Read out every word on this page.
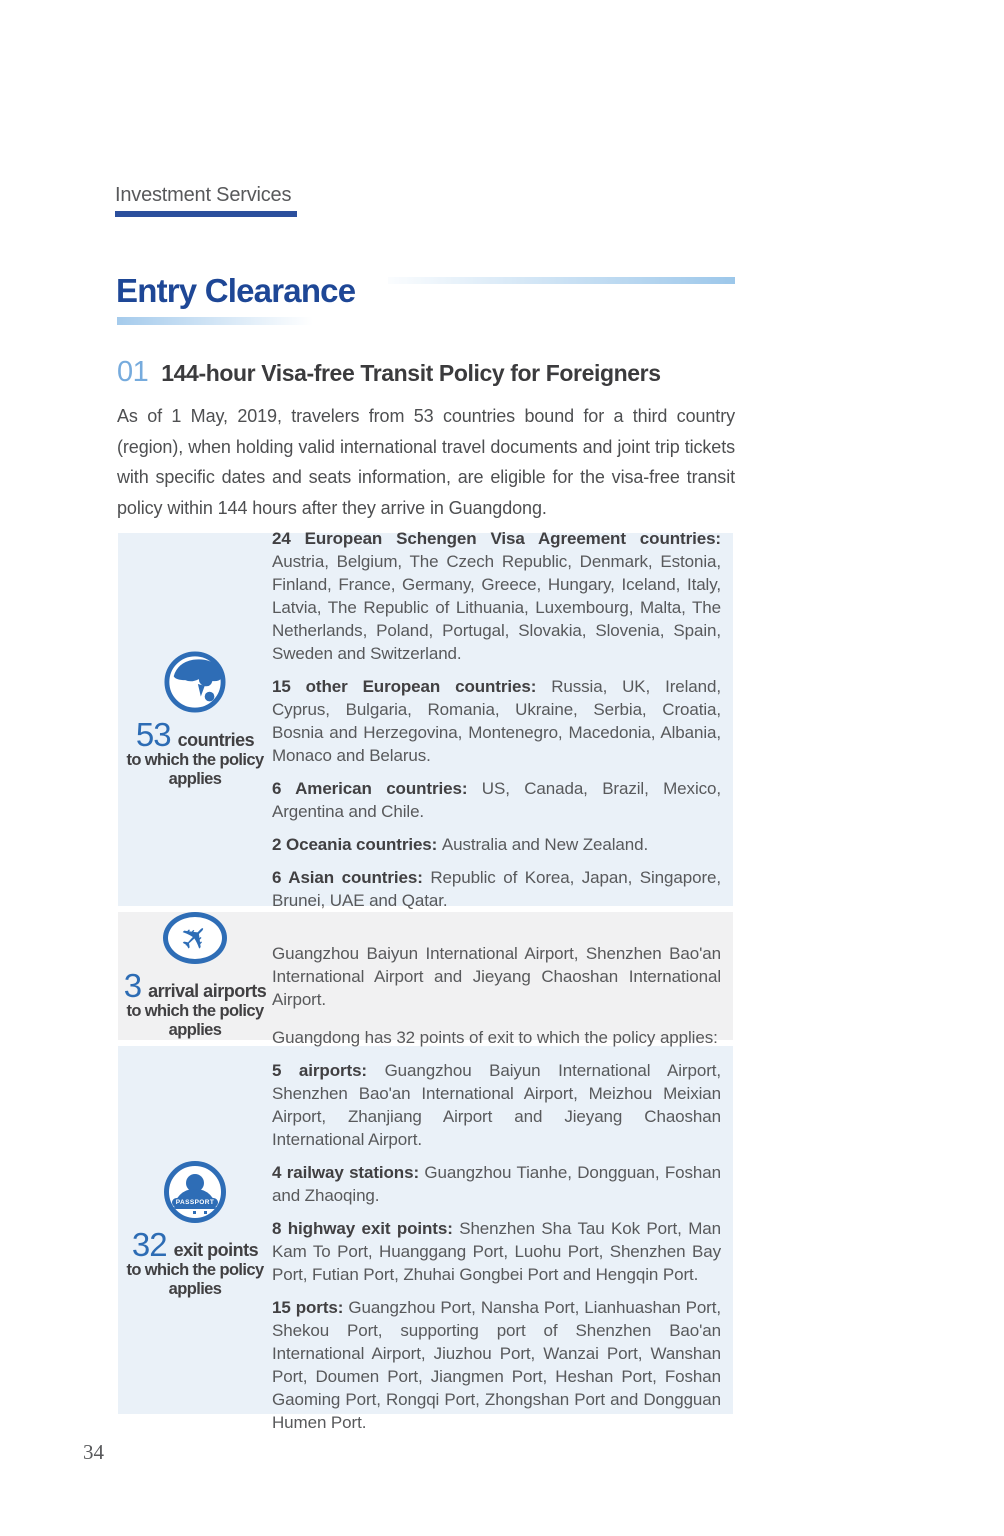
Investment Services
Entry Clearance
01 144-hour Visa-free Transit Policy for Foreigners

As of 1 May, 2019, travelers from 53 countries bound for a third country (region), when holding valid international travel documents and joint trip tickets with specific dates and seats information, are eligible for the visa-free transit policy within 144 hours after they arrive in Guangdong.

53 countries
to which the policy applies

24 European Schengen Visa Agreement countries: Austria, Belgium, The Czech Republic, Denmark, Estonia, Finland, France, Germany, Greece, Hungary, Iceland, Italy, Latvia, The Republic of Lithuania, Luxembourg, Malta, The Netherlands, Poland, Portugal, Slovakia, Slovenia, Spain, Sweden and Switzerland.

15 other European countries: Russia, UK, Ireland, Cyprus, Bulgaria, Romania, Ukraine, Serbia, Croatia, Bosnia and Herzegovina, Montenegro, Macedonia, Albania, Monaco and Belarus.

6 American countries: US, Canada, Brazil, Mexico, Argentina and Chile.

2 Oceania countries: Australia and New Zealand.

6 Asian countries: Republic of Korea, Japan, Singapore, Brunei, UAE and Qatar.

✈
3 arrival airports
to which the policy applies

Guangzhou Baiyun International Airport, Shenzhen Bao'an International Airport and Jieyang Chaoshan International Airport.

PASSPORT
32 exit points
to which the policy applies

Guangdong has 32 points of exit to which the policy applies:

5 airports: Guangzhou Baiyun International Airport, Shenzhen Bao'an International Airport, Meizhou Meixian Airport, Zhanjiang Airport and Jieyang Chaoshan International Airport.

4 railway stations: Guangzhou Tianhe, Dongguan, Foshan and Zhaoqing.

8 highway exit points: Shenzhen Sha Tau Kok Port, Man Kam To Port, Huanggang Port, Luohu Port, Shenzhen Bay Port, Futian Port, Zhuhai Gongbei Port and Hengqin Port.

15 ports: Guangzhou Port, Nansha Port, Lianhuashan Port, Shekou Port, supporting port of Shenzhen Bao'an International Airport, Jiuzhou Port, Wanzai Port, Wanshan Port, Doumen Port, Jiangmen Port, Heshan Port, Foshan Gaoming Port, Rongqi Port, Zhongshan Port and Dongguan Humen Port.

34
